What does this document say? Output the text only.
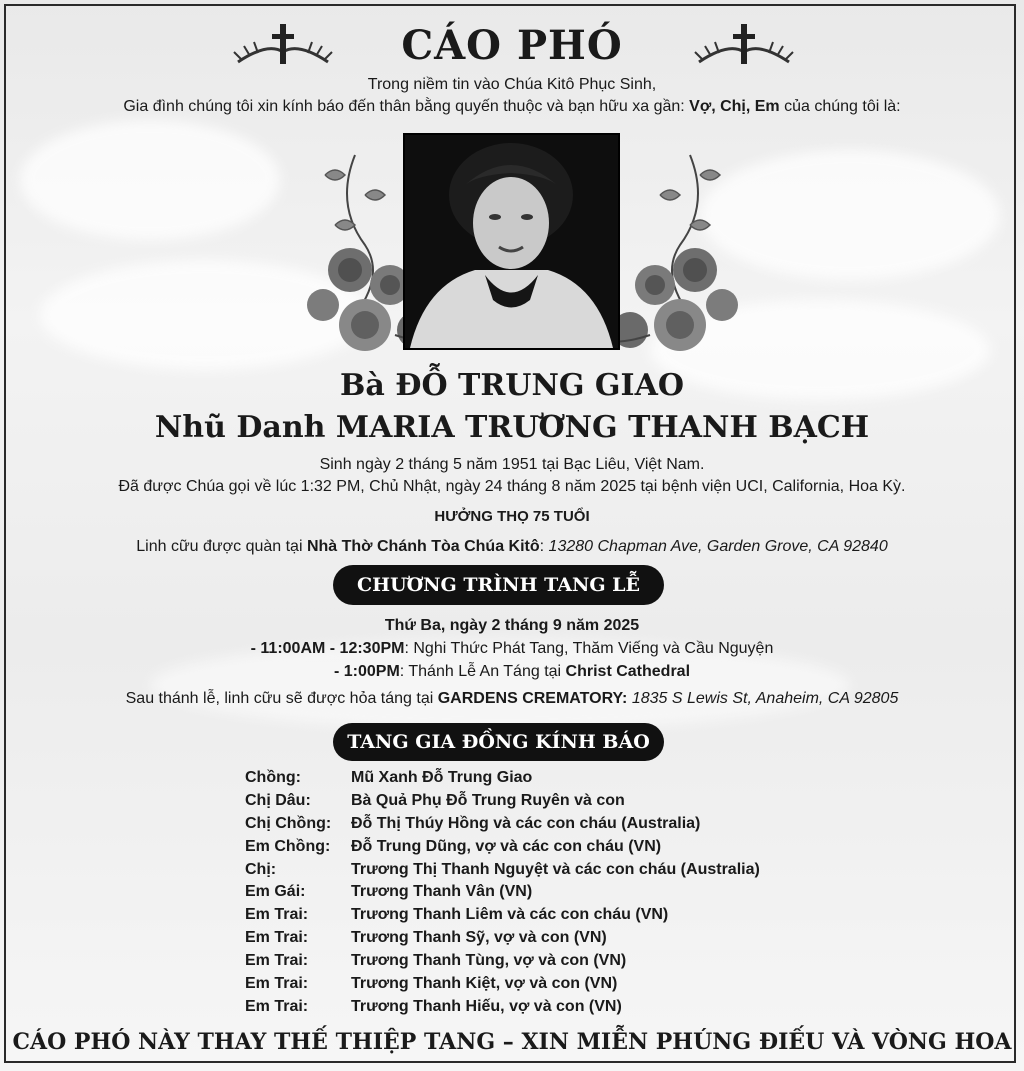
CÁO PHÓ
Trong niềm tin vào Chúa Kitô Phục Sinh,
Gia đình chúng tôi xin kính báo đến thân bằng quyến thuộc và bạn hữu xa gần: Vợ, Chị, Em của chúng tôi là:
Bà ĐỖ TRUNG GIAO
Nhũ Danh MARIA TRƯƠNG THANH BẠCH
Sinh ngày 2 tháng 5 năm 1951 tại Bạc Liêu, Việt Nam.
Đã được Chúa gọi về lúc 1:32 PM, Chủ Nhật, ngày 24 tháng 8 năm 2025 tại bệnh viện UCI, California, Hoa Kỳ.
HƯỞNG THỌ 75 TUỔI
Linh cữu được quàn tại Nhà Thờ Chánh Tòa Chúa Kitô: 13280 Chapman Ave, Garden Grove, CA 92840
CHƯƠNG TRÌNH TANG LỄ
Thứ Ba, ngày 2 tháng 9 năm 2025
- 11:00AM - 12:30PM: Nghi Thức Phát Tang, Thăm Viếng và Cầu Nguyện
- 1:00PM: Thánh Lễ An Táng tại Christ Cathedral
Sau thánh lễ, linh cữu sẽ được hỏa táng tại GARDENS CREMATORY: 1835 S Lewis St, Anaheim, CA 92805
TANG GIA ĐỒNG KÍNH BÁO
Chồng:	Mũ Xanh Đỗ Trung Giao
Chị Dâu:	Bà Quả Phụ Đỗ Trung Ruyên và con
Chị Chồng: Đỗ Thị Thúy Hồng và các con cháu (Australia)
Em Chồng: Đỗ Trung Dũng, vợ và các con cháu (VN)
Chị:	Trương Thị Thanh Nguyệt và các con cháu (Australia)
Em Gái:	Trương Thanh Vân (VN)
Em Trai:	Trương Thanh Liêm và các con cháu (VN)
Em Trai:	Trương Thanh Sỹ, vợ và con (VN)
Em Trai:	Trương Thanh Tùng, vợ và con (VN)
Em Trai:	Trương Thanh Kiệt, vợ và con (VN)
Em Trai:	Trương Thanh Hiếu, vợ và con (VN)
CÁO PHÓ NÀY THAY THẾ THIỆP TANG – XIN MIỄN PHÚNG ĐIẾU VÀ VÒNG HOA
